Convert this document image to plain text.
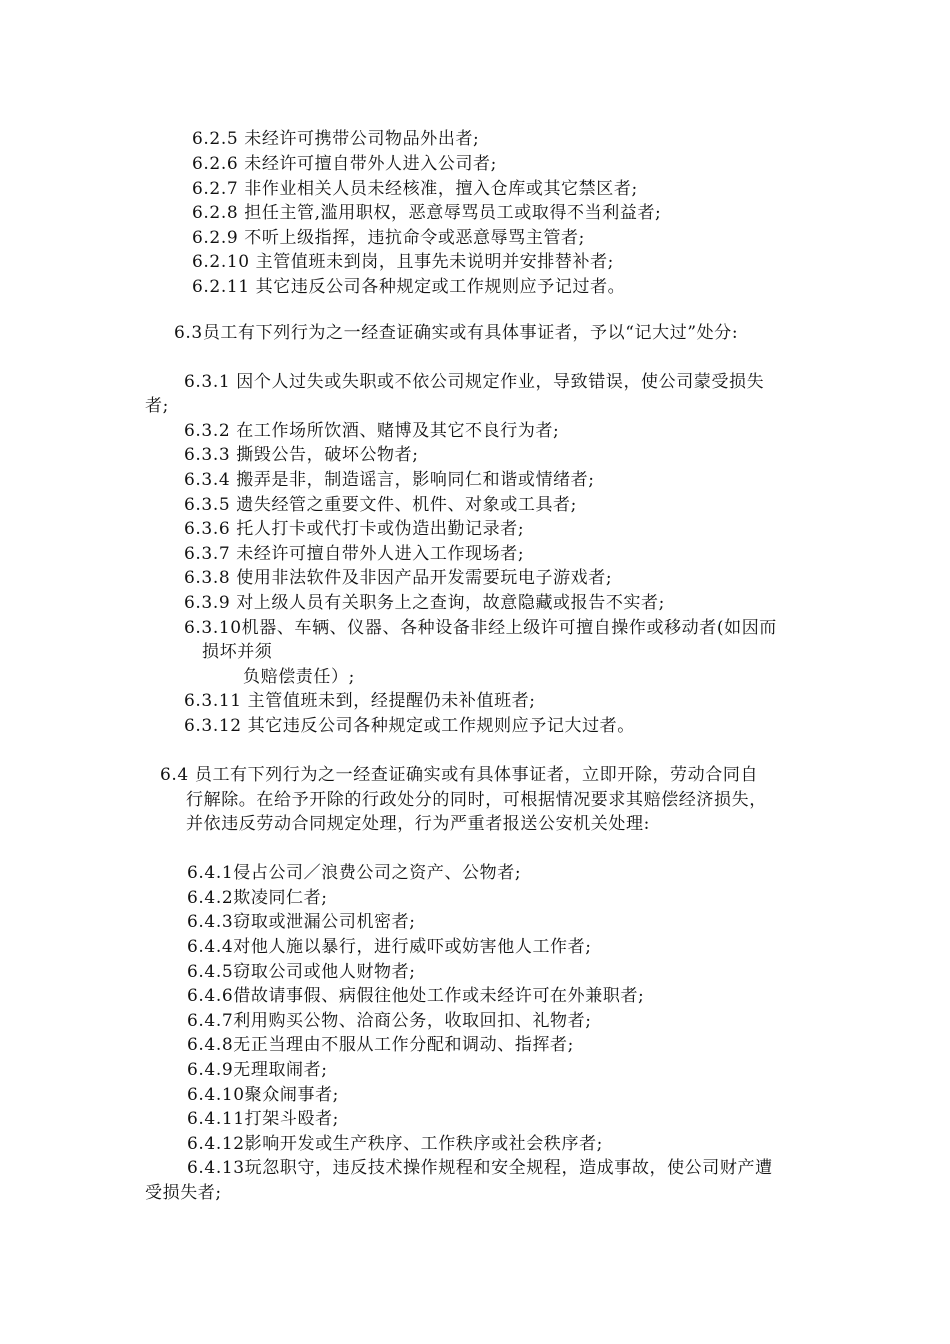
6.2.5 未经许可携带公司物品外出者;
6.2.6 未经许可擅自带外人进入公司者;
6.2.7 非作业相关人员未经核准，擅入仓库或其它禁区者;
6.2.8 担任主管,滥用职权，恶意辱骂员工或取得不当利益者;
6.2.9 不听上级指挥，违抗命令或恶意辱骂主管者;
6.2.10 主管值班未到岗，且事先未说明并安排替补者;
6.2.11 其它违反公司各种规定或工作规则应予记过者。
6.3员工有下列行为之一经查证确实或有具体事证者，予以“记大过”处分:
6.3.1 因个人过失或失职或不依公司规定作业，导致错误，使公司蒙受损失
者;
6.3.2 在工作场所饮酒、赌博及其它不良行为者;
6.3.3 撕毁公告，破坏公物者;
6.3.4 搬弄是非，制造谣言，影响同仁和谐或情绪者;
6.3.5 遗失经管之重要文件、机件、对象或工具者;
6.3.6 托人打卡或代打卡或伪造出勤记录者;
6.3.7 未经许可擅自带外人进入工作现场者;
6.3.8 使用非法软件及非因产品开发需要玩电子游戏者;
6.3.9 对上级人员有关职务上之查询，故意隐藏或报告不实者;
6.3.10机器、车辆、仪器、各种设备非经上级许可擅自操作或移动者(如因而
损坏并须
负赔偿责任）;
6.3.11 主管值班未到，经提醒仍未补值班者;
6.3.12 其它违反公司各种规定或工作规则应予记大过者。
6.4 员工有下列行为之一经查证确实或有具体事证者，立即开除，劳动合同自
行解除。在给予开除的行政处分的同时，可根据情况要求其赔偿经济损失，
并依违反劳动合同规定处理，行为严重者报送公安机关处理:
6.4.1侵占公司／浪费公司之资产、公物者;
6.4.2欺凌同仁者;
6.4.3窃取或泄漏公司机密者;
6.4.4对他人施以暴行，进行威吓或妨害他人工作者;
6.4.5窃取公司或他人财物者;
6.4.6借故请事假、病假往他处工作或未经许可在外兼职者;
6.4.7利用购买公物、洽商公务，收取回扣、礼物者;
6.4.8无正当理由不服从工作分配和调动、指挥者;
6.4.9无理取闹者;
6.4.10聚众闹事者;
6.4.11打架斗殴者;
6.4.12影响开发或生产秩序、工作秩序或社会秩序者;
6.4.13玩忽职守，违反技术操作规程和安全规程，造成事故，使公司财产遭
受损失者;
